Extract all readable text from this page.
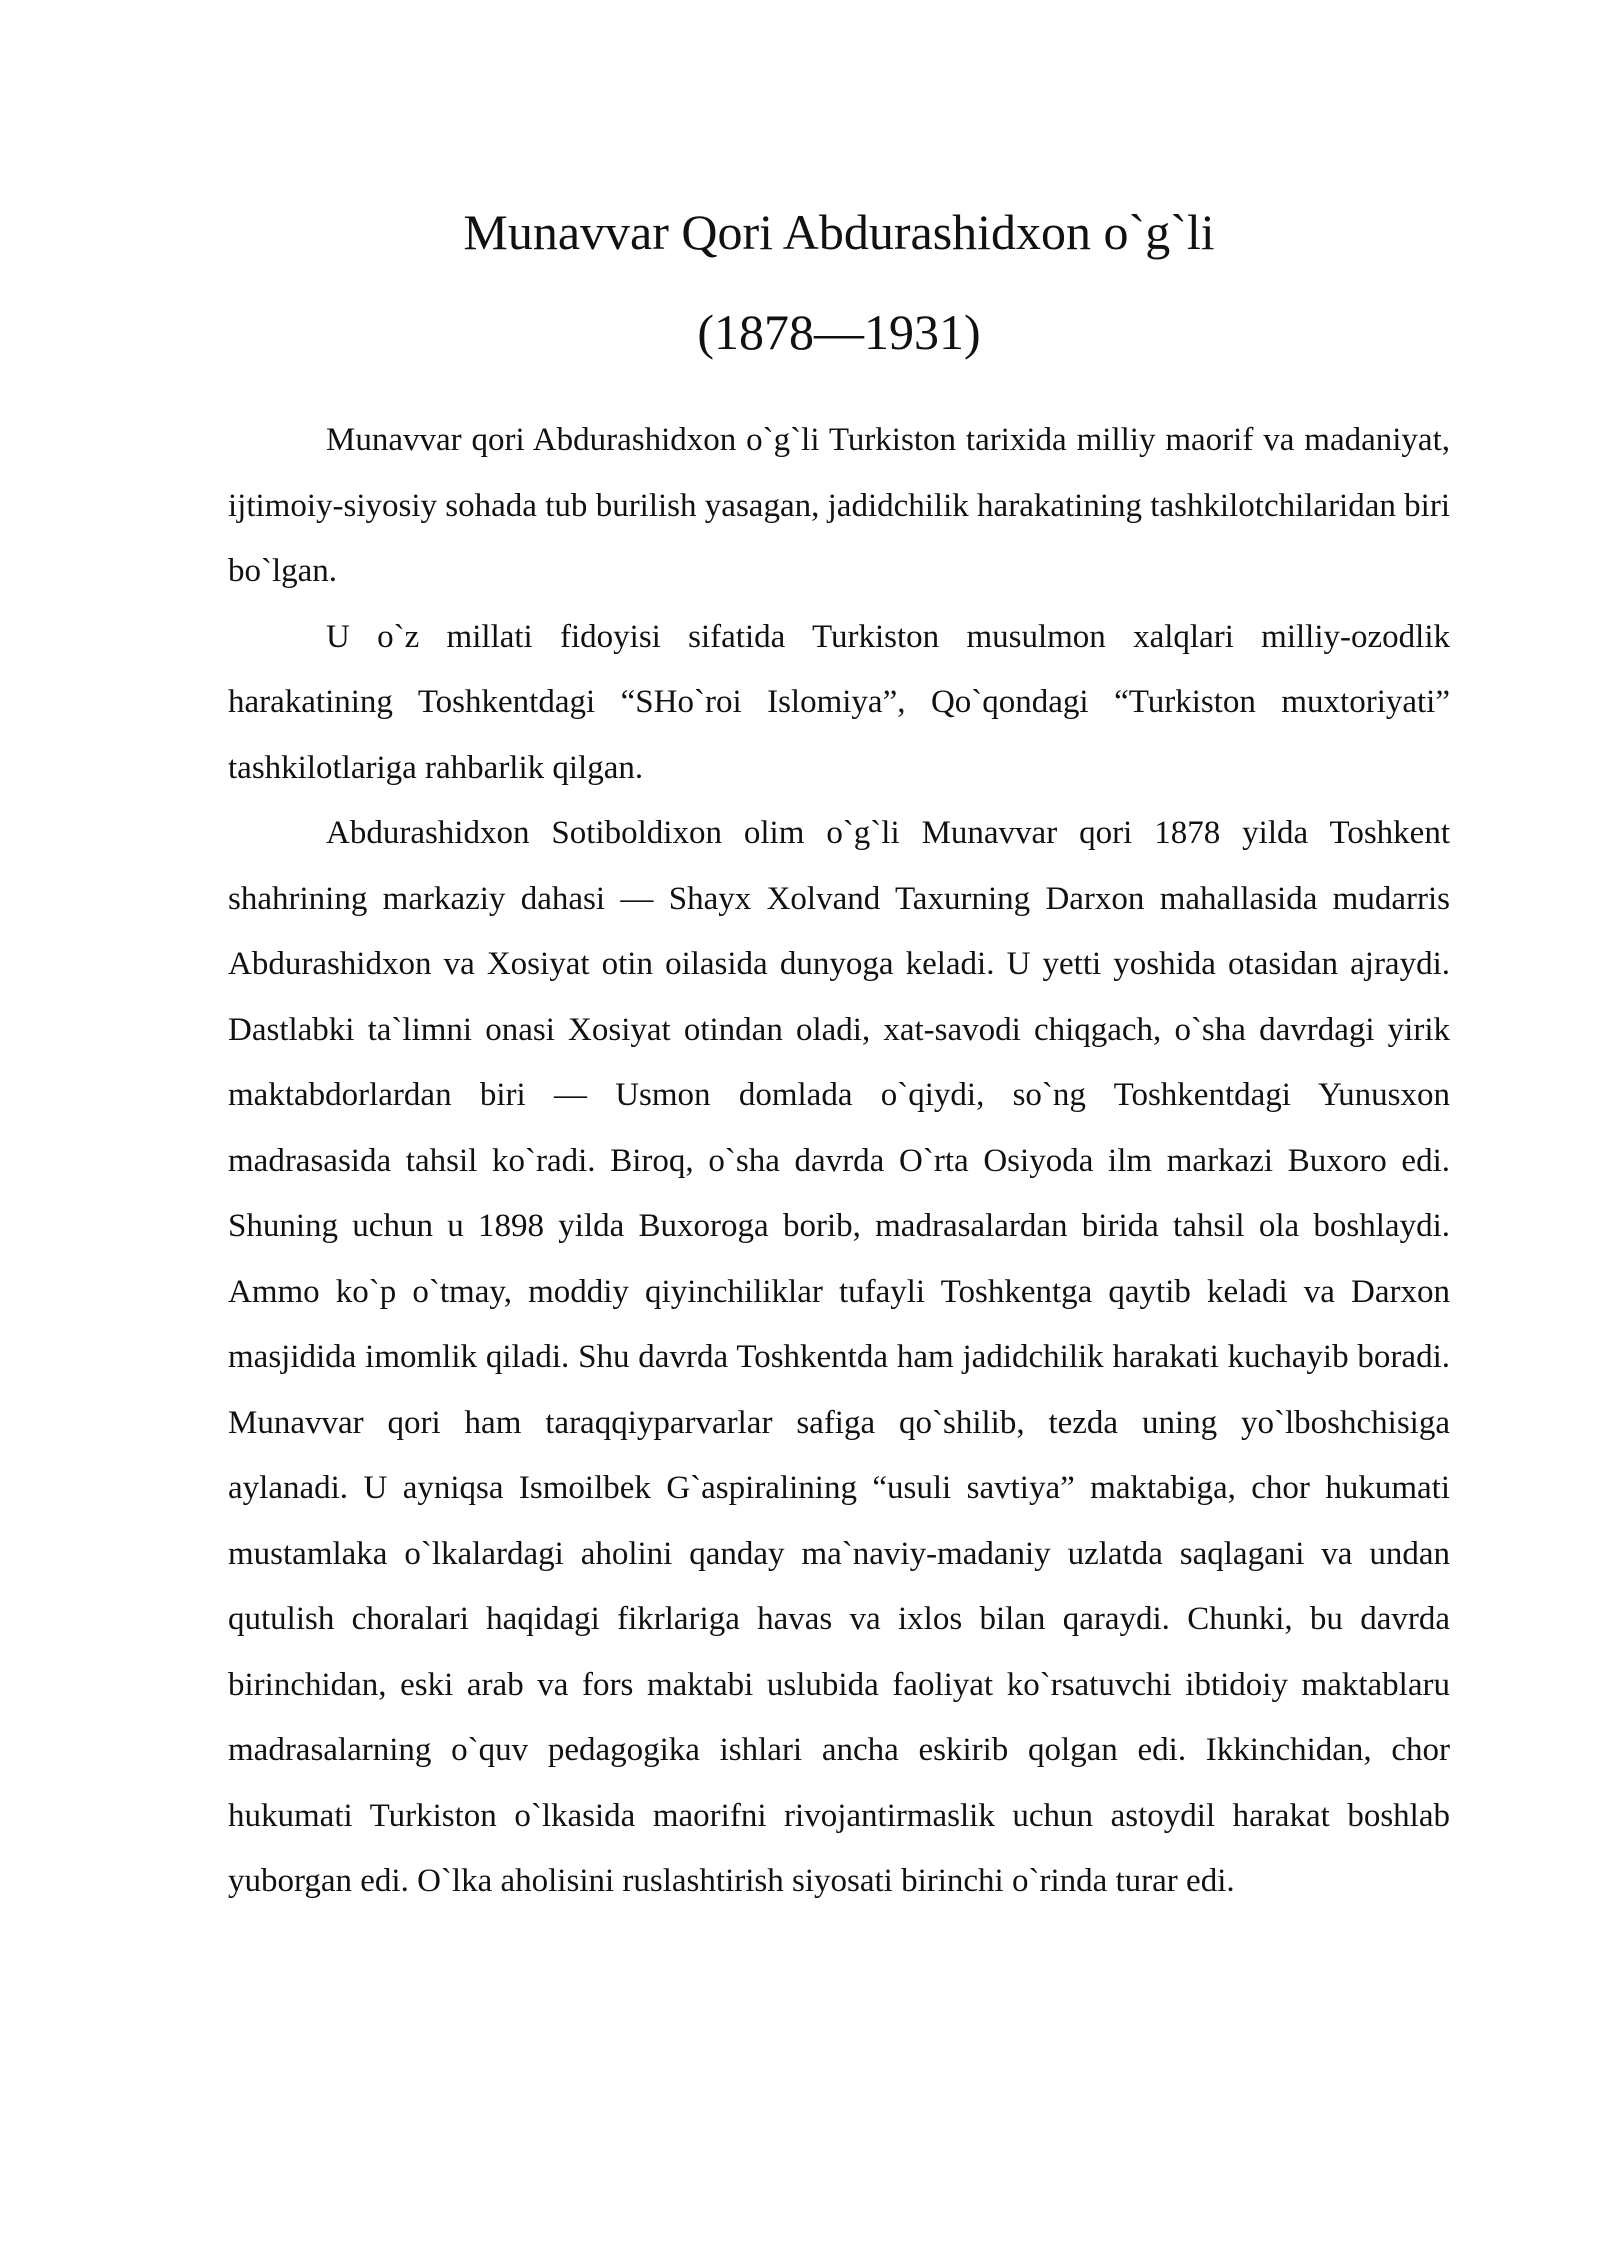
Munavvar Qori Abdurashidxon o`g`li
(1878—1931)

Munavvar qori Abdurashidxon o`g`li Turkiston tarixida milliy maorif va madaniyat, ijtimoiy-siyosiy sohada tub burilish yasagan, jadidchilik harakatining tashkilotchilaridan biri bo`lgan.

U o`z millati fidoyisi sifatida Turkiston musulmon xalqlari milliy-ozodlik harakatining Toshkentdagi “SHo`roi Islomiya”, Qo`qondagi “Turkiston muxtoriyati” tashkilotlariga rahbarlik qilgan.

Abdurashidxon Sotiboldixon olim o`g`li Munavvar qori 1878 yilda Toshkent shahrining markaziy dahasi — Shayx Xolvand Taxurning Darxon mahallasida mudarris Abdurashidxon va Xosiyat otin oilasida dunyoga keladi. U yetti yoshida otasidan ajraydi. Dastlabki ta`limni onasi Xosiyat otindan oladi, xat-savodi chiqgach, o`sha davrdagi yirik maktabdorlardan biri — Usmon domlada o`qiydi, so`ng Toshkentdagi Yunusxon madrasasida tahsil ko`radi. Biroq, o`sha davrda O`rta Osiyoda ilm markazi Buxoro edi. Shuning uchun u 1898 yilda Buxoroga borib, madrasalardan birida tahsil ola boshlaydi. Ammo ko`p o`tmay, moddiy qiyinchiliklar tufayli Toshkentga qaytib keladi va Darxon masjidida imomlik qiladi. Shu davrda Toshkentda ham jadidchilik harakati kuchayib boradi. Munavvar qori ham taraqqiyparvarlar safiga qo`shilib, tezda uning yo`lboshchisiga aylanadi. U ayniqsa Ismoilbek G`aspiralining “usuli savtiya” maktabiga, chor hukumati mustamlaka o`lkalardagi aholini qanday ma`naviy-madaniy uzlatda saqlagani va undan qutulish choralari haqidagi fikrlariga havas va ixlos bilan qaraydi. Chunki, bu davrda birinchidan, eski arab va fors maktabi uslubida faoliyat ko`rsatuvchi ibtidoiy maktablaru madrasalarning o`quv pedagogika ishlari ancha eskirib qolgan edi. Ikkinchidan, chor hukumati Turkiston o`lkasida maorifni rivojantirmaslik uchun astoydil harakat boshlab yuborgan edi. O`lka aholisini ruslashtirish siyosati birinchi o`rinda turar edi.
